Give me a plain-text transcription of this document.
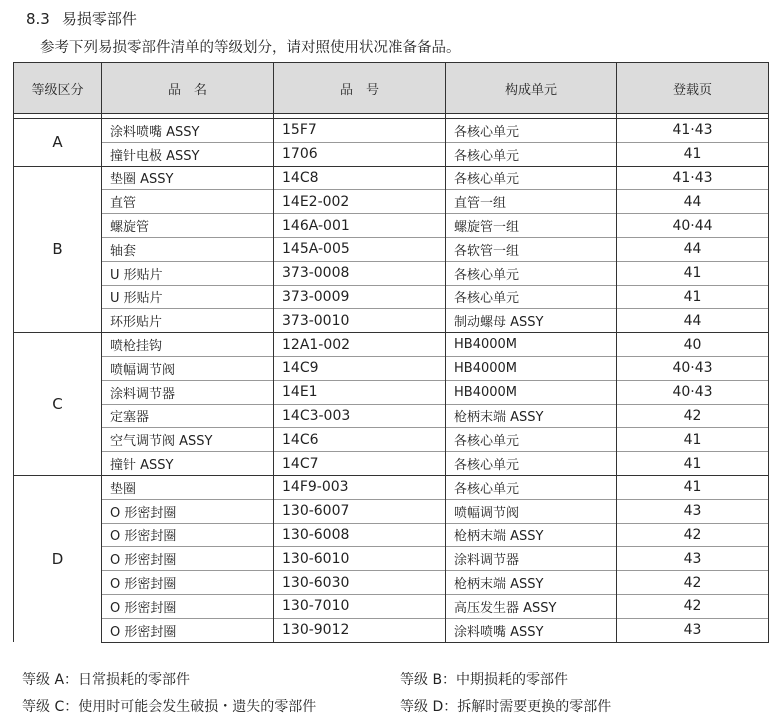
8.3 易损零部件
参考下列易损零部件清单的等级划分，请对照使用状况准备备品。
等级区分	品　名	品　号	构成单元	登载页

A	涂料喷嘴 ASSY	15F7	各核心单元	41·43
	撞针电极 ASSY	1706	各核心单元	41
B	垫圈 ASSY	14C8	各核心单元	41·43
	直管	14E2-002	直管一组	44
	螺旋管	146A-001	螺旋管一组	40·44
	轴套	145A-005	各软管一组	44
	U 形贴片	373-0008	各核心单元	41
	U 形贴片	373-0009	各核心单元	41
	环形贴片	373-0010	制动螺母 ASSY	44
C	喷枪挂钩	12A1-002	HB4000M	40
	喷幅调节阀	14C9	HB4000M	40·43
	涂料调节器	14E1	HB4000M	40·43
	定塞器	14C3-003	枪柄末端 ASSY	42
	空气调节阀 ASSY	14C6	各核心单元	41
	撞针 ASSY	14C7	各核心单元	41
D	垫圈	14F9-003	各核心单元	41
	O 形密封圈	130-6007	喷幅调节阀	43
	O 形密封圈	130-6008	枪柄末端 ASSY	42
	O 形密封圈	130-6010	涂料调节器	43
	O 形密封圈	130-6030	枪柄末端 ASSY	42
	O 形密封圈	130-7010	高压发生器 ASSY	42
	O 形密封圈	130-9012	涂料喷嘴 ASSY	43
等级 A：日常损耗的零部件	等级 B：中期损耗的零部件
等级 C：使用时可能会发生破损・遗失的零部件	等级 D：拆解时需要更换的零部件
